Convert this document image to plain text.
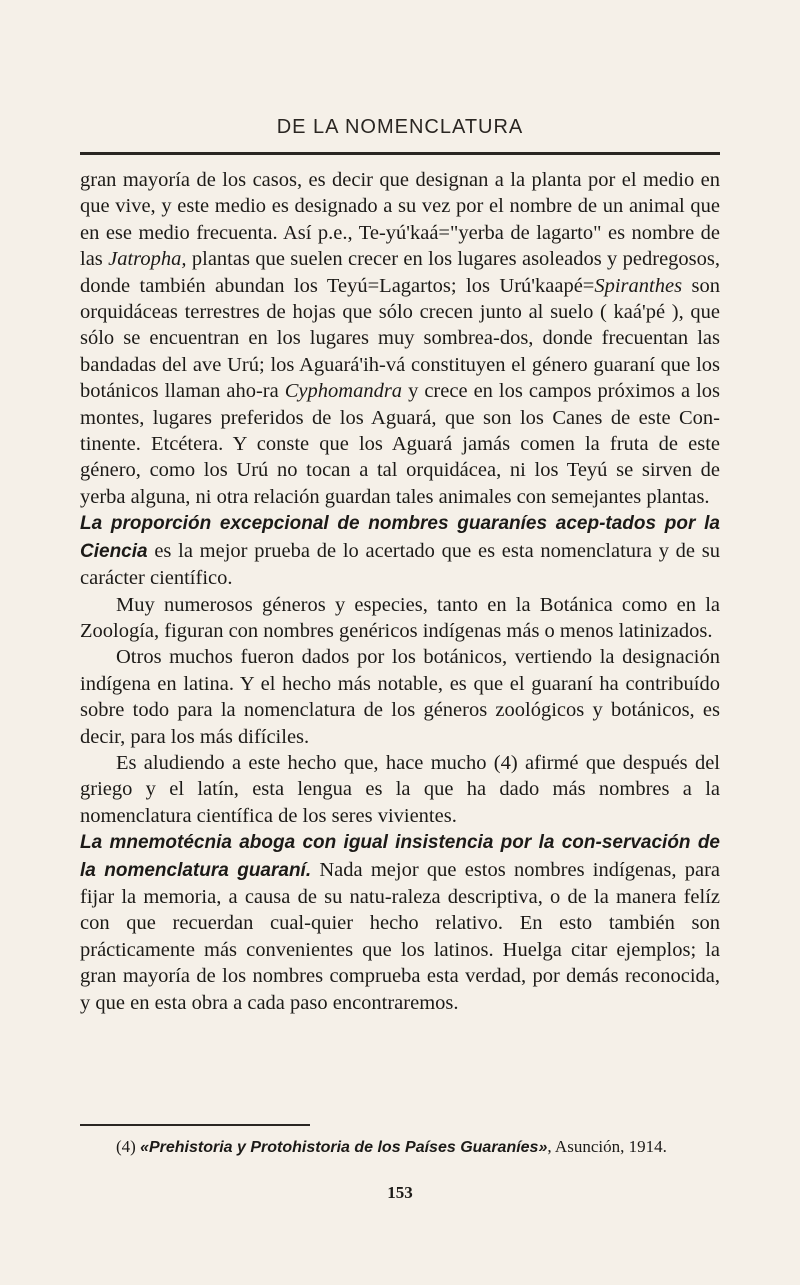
DE LA NOMENCLATURA

gran mayoría de los casos, es decir que designan a la planta por el medio en que vive, y este medio es designado a su vez por el nombre de un animal que en ese medio frecuenta. Así p.e., Te-yú'kaá="yerba de lagarto" es nombre de las Jatropha, plantas que suelen crecer en los lugares asoleados y pedregosos, donde también abundan los Teyú=Lagartos; los Urú'kaapé=Spiranthes son orquidáceas terrestres de hojas que sólo crecen junto al suelo ( kaá'pé ), que sólo se encuentran en los lugares muy sombrea-dos, donde frecuentan las bandadas del ave Urú; los Aguará'ih-vá constituyen el género guaraní que los botánicos llaman aho-ra Cyphomandra y crece en los campos próximos a los montes, lugares preferidos de los Aguará, que son los Canes de este Con-tinente. Etcétera. Y conste que los Aguará jamás comen la fruta de este género, como los Urú no tocan a tal orquidácea, ni los Teyú se sirven de yerba alguna, ni otra relación guardan tales animales con semejantes plantas.

La proporción excepcional de nombres guaraníes acep-tados por la Ciencia es la mejor prueba de lo acertado que es esta nomenclatura y de su carácter científico.

Muy numerosos géneros y especies, tanto en la Botánica como en la Zoología, figuran con nombres genéricos indígenas más o menos latinizados.

Otros muchos fueron dados por los botánicos, vertiendo la designación indígena en latina. Y el hecho más notable, es que el guaraní ha contribuído sobre todo para la nomenclatura de los géneros zoológicos y botánicos, es decir, para los más difíciles.

Es aludiendo a este hecho que, hace mucho (4) afirmé que después del griego y el latín, esta lengua es la que ha dado más nombres a la nomenclatura científica de los seres vivientes.

La mnemotécnia aboga con igual insistencia por la con-servación de la nomenclatura guaraní. Nada mejor que estos nombres indígenas, para fijar la memoria, a causa de su natu-raleza descriptiva, o de la manera felíz con que recuerdan cual-quier hecho relativo. En esto también son prácticamente más convenientes que los latinos. Huelga citar ejemplos; la gran mayoría de los nombres comprueba esta verdad, por demás reconocida, y que en esta obra a cada paso encontraremos.

(4) «Prehistoria y Protohistoria de los Países Guaraníes», Asunción, 1914.
153
